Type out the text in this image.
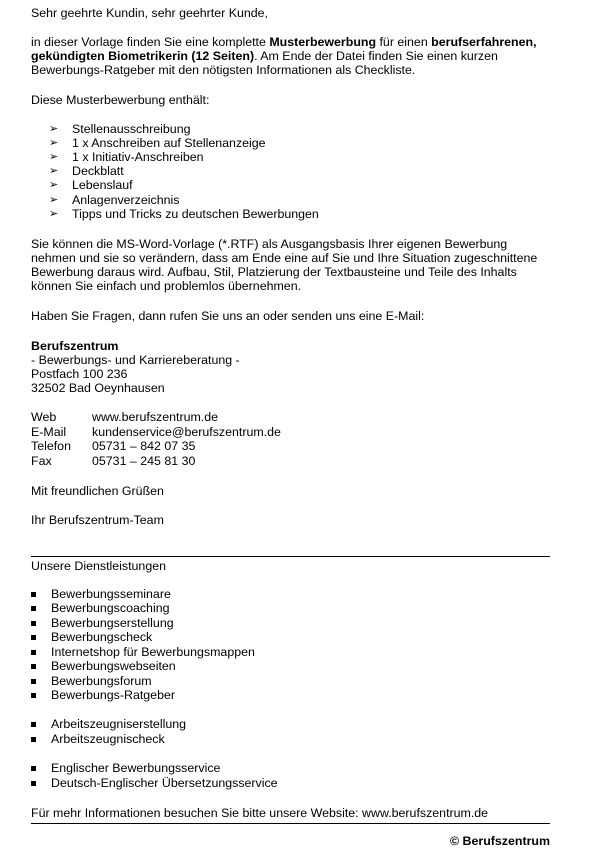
Sehr geehrte Kundin, sehr geehrter Kunde,
in dieser Vorlage finden Sie eine komplette Musterbewerbung für einen berufserfahrenen,
gekündigten Biometrikerin (12 Seiten). Am Ende der Datei finden Sie einen kurzen
Bewerbungs-Ratgeber mit den nötigsten Informationen als Checkliste.
Diese Musterbewerbung enthält:
➢ Stellenausschreibung
➢ 1 x Anschreiben auf Stellenanzeige
➢ 1 x Initiativ-Anschreiben
➢ Deckblatt
➢ Lebenslauf
➢ Anlagenverzeichnis
➢ Tipps und Tricks zu deutschen Bewerbungen
Sie können die MS-Word-Vorlage (*.RTF) als Ausgangsbasis Ihrer eigenen Bewerbung
nehmen und sie so verändern, dass am Ende eine auf Sie und Ihre Situation zugeschnittene
Bewerbung daraus wird. Aufbau, Stil, Platzierung der Textbausteine und Teile des Inhalts
können Sie einfach und problemlos übernehmen.
Haben Sie Fragen, dann rufen Sie uns an oder senden uns eine E-Mail:
Berufszentrum
- Bewerbungs- und Karriereberatung -
Postfach 100 236
32502 Bad Oeynhausen
Web	www.berufszentrum.de
E-Mail kundenservice@berufszentrum.de
Telefon 05731 – 842 07 35
Fax	05731 – 245 81 30
Mit freundlichen Grüßen
Ihr Berufszentrum-Team
Unsere Dienstleistungen
Bewerbungsseminare
Bewerbungscoaching
Bewerbungserstellung
Bewerbungscheck
Internetshop für Bewerbungsmappen
Bewerbungswebseiten
Bewerbungsforum
Bewerbungs-Ratgeber
Arbeitszeugniserstellung
Arbeitszeugnischeck
Englischer Bewerbungsservice
Deutsch-Englischer Übersetzungsservice
Für mehr Informationen besuchen Sie bitte unsere Website: www.berufszentrum.de
© Berufszentrum
